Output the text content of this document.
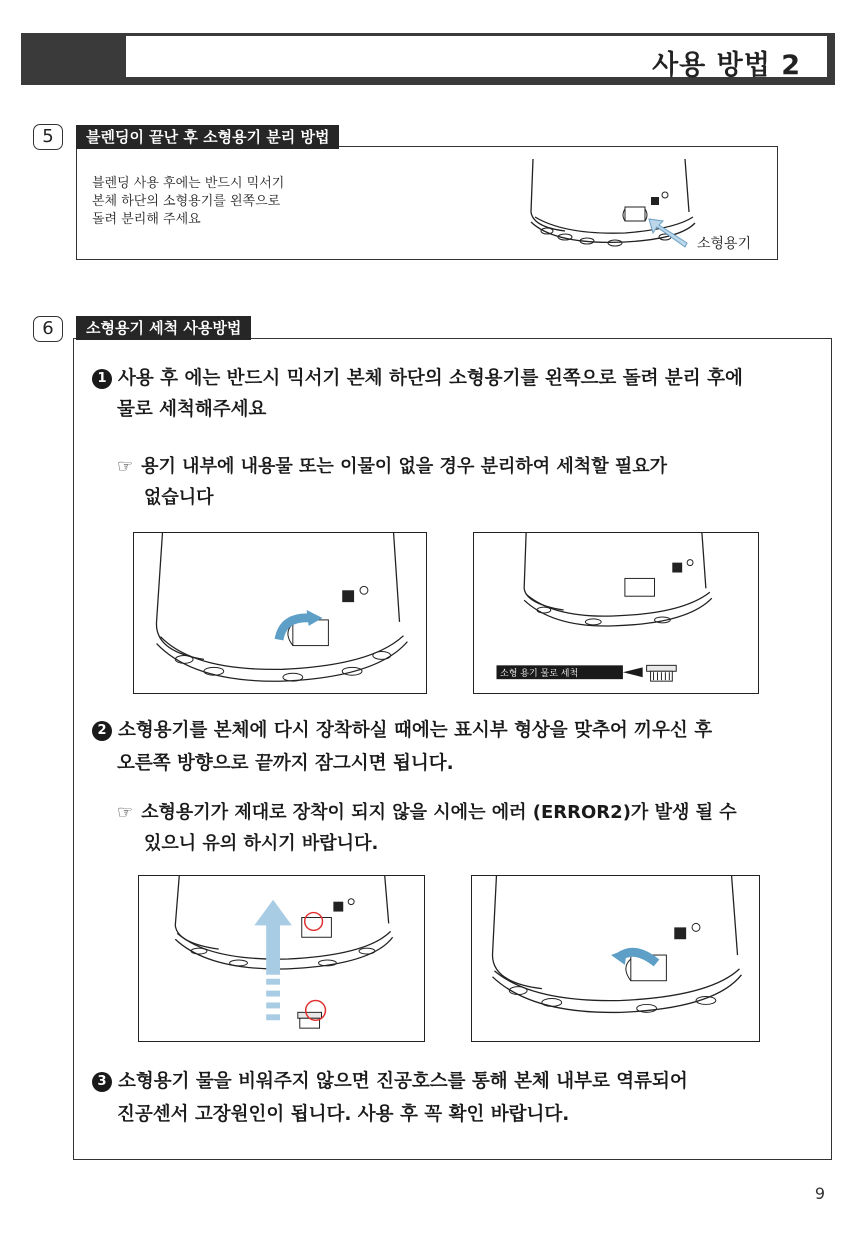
사용 방법 2
5
블렌딩 사용 후에는 반드시 믹서기
본체 하단의 소형용기를 왼쪽으로
돌려 분리해 주세요
소형용기
블렌딩이 끝난 후 소형용기 분리 방법
6	소형용기 세척 사용방법
1 사용 후 에는 반드시 믹서기 본체 하단의 소형용기를 왼쪽으로 돌려 분리 후에
물로 세척해주세요
☞ 용기 내부에 내용물 또는 이물이 없을 경우 분리하여 세척할 필요가
없습니다
소형 용기 물로 세척
2 소형용기를 본체에 다시 장착하실 때에는 표시부 형상을 맞추어 끼우신 후
오른쪽 방향으로 끝까지 잠그시면 됩니다.
☞ 소형용기가 제대로 장착이 되지 않을 시에는 에러 (ERROR2)가 발생 될 수
있으니 유의 하시기 바랍니다.
3 소형용기 물을 비워주지 않으면 진공호스를 통해 본체 내부로 역류되어
진공센서 고장원인이 됩니다. 사용 후 꼭 확인 바랍니다.
9
